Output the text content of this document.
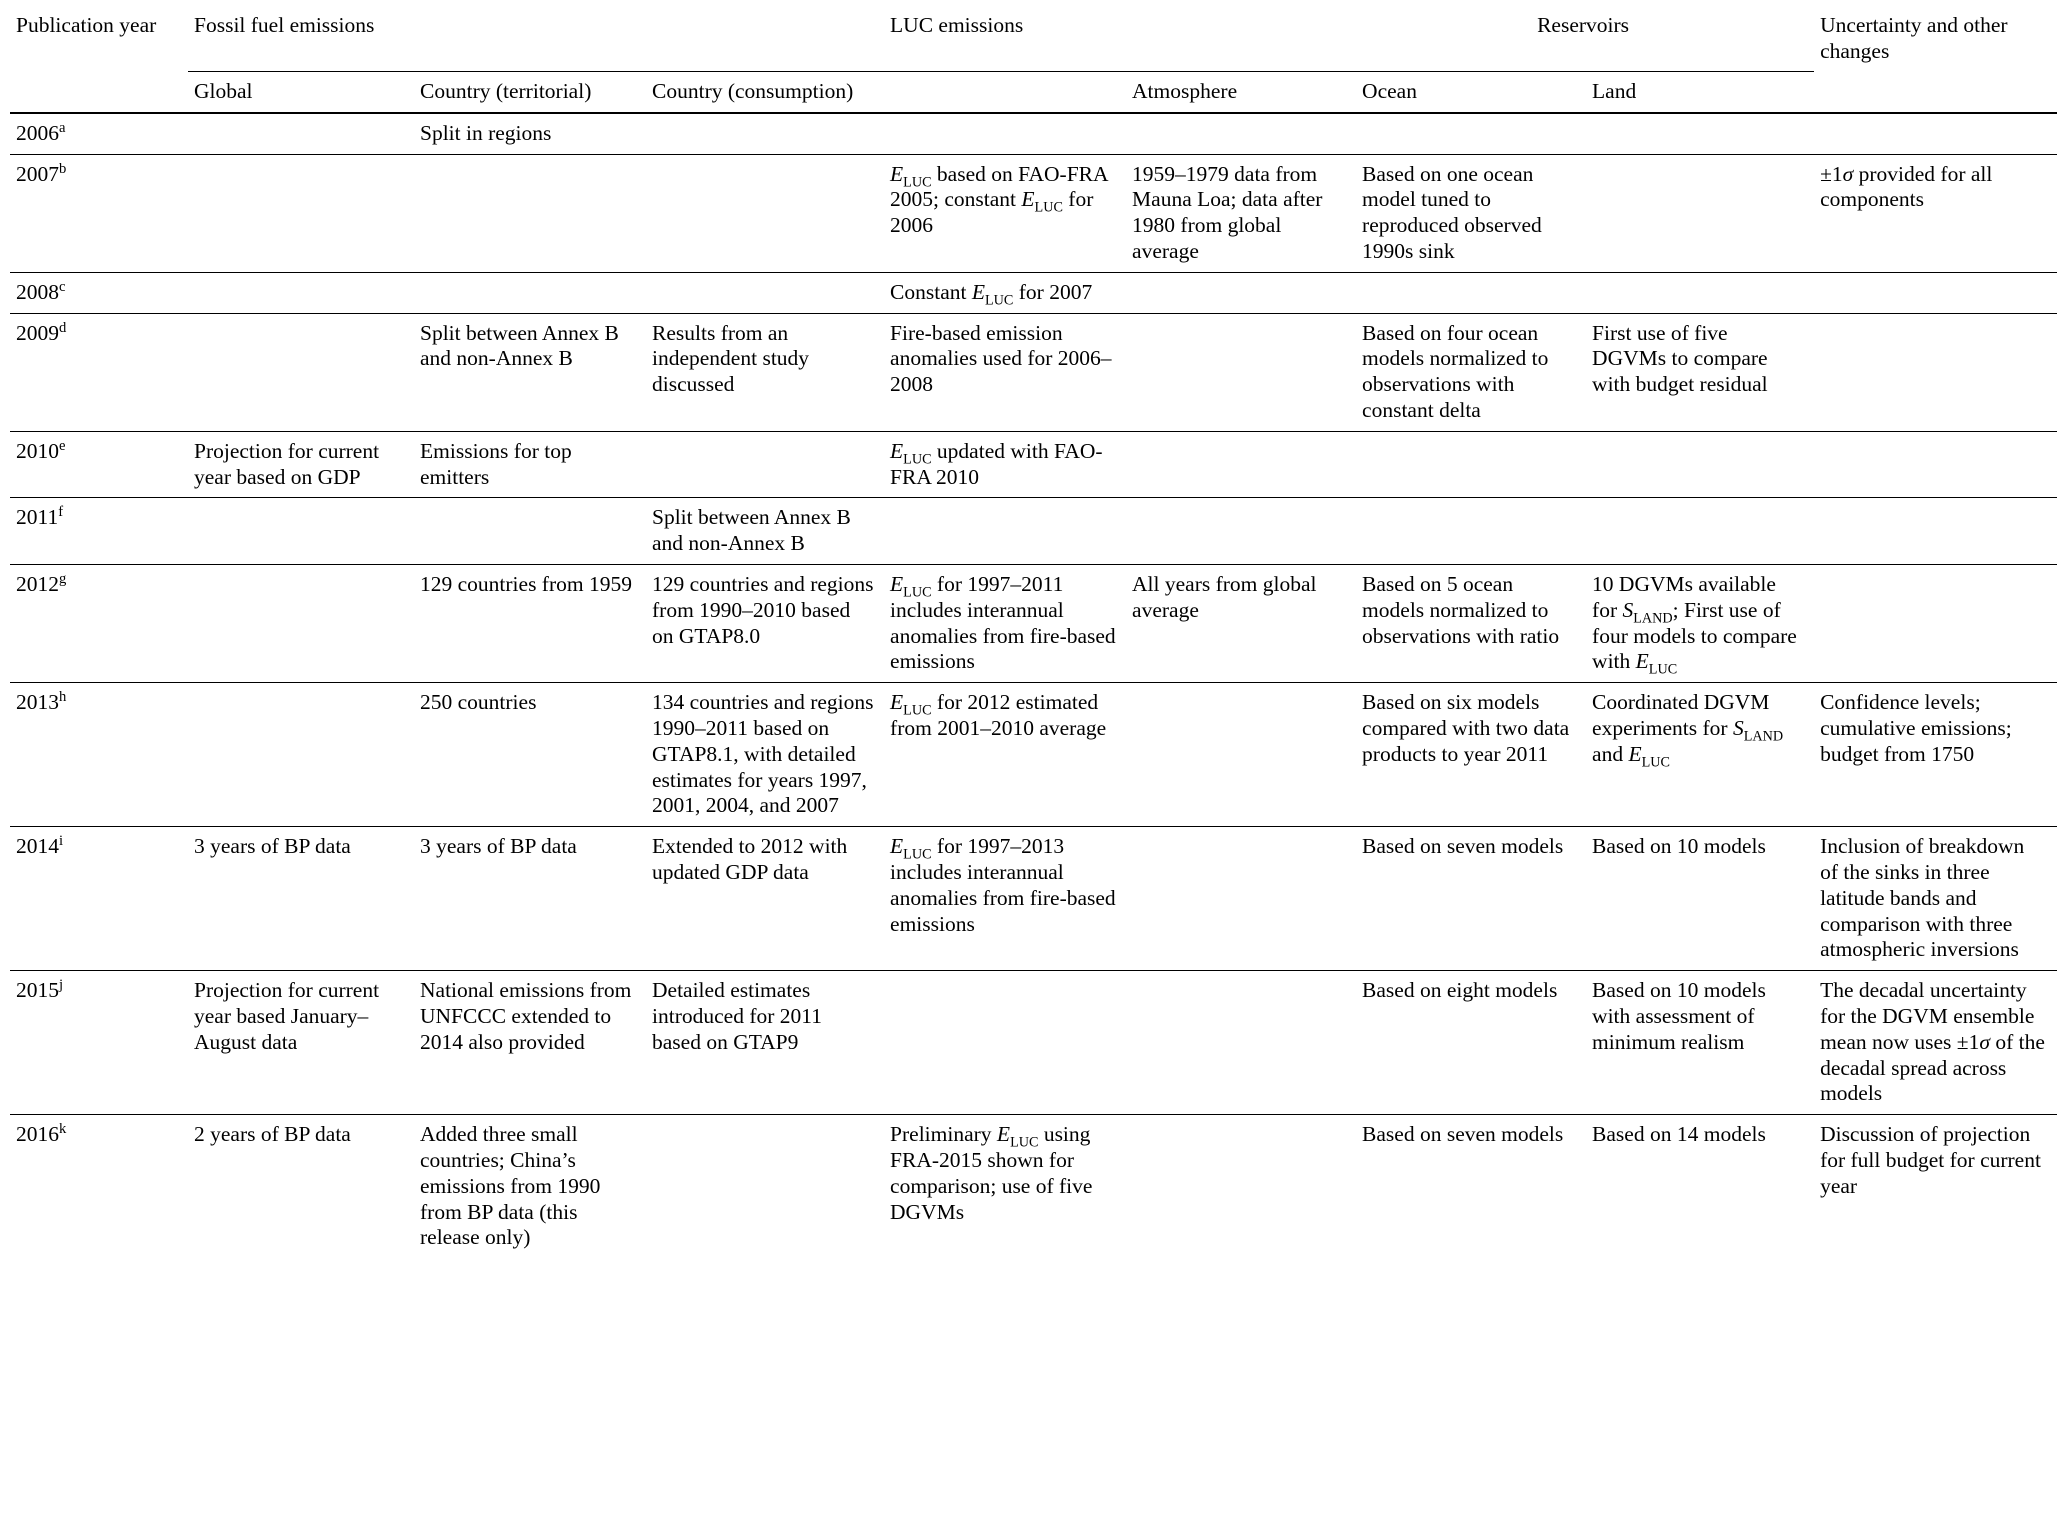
Publication year	Fossil fuel emissions			LUC emissions		Reservoirs		Uncertainty and other changes
	Global	Country (territorial)	Country (consumption)		Atmosphere	Ocean	Land	
2006$^a$		Split in regions						
2007$^b$				$E_{LUC}$ based on FAO-FRA 2005; constant $E_{LUC}$ for 2006	1959–1979 data from Mauna Loa; data after 1980 from global average	Based on one ocean model tuned to reproduced observed 1990s sink		±1σ provided for all components
2008$^c$				Constant $E_{LUC}$ for 2007				
2009$^d$		Split between Annex B and non-Annex B	Results from an independent study discussed	Fire-based emission anomalies used for 2006–2008		Based on four ocean models normalized to observations with constant delta	First use of five DGVMs to compare with budget residual	
2010e	Projection for current year based on GDP	Emissions for top emitters		$E_{LUC}$ updated with FAO-FRA 2010				
2011$^f$			Split between Annex B and non-Annex B					
2012$^g$		129 countries from 1959	129 countries and regions from 1990–2010 based on GTAP8.0	$E_{LUC}$ for 1997–2011 includes interannual anomalies from fire-based emissions	All years from global average	Based on 5 ocean models normalized to observations with ratio	10 DGVMs available for $S_{LAND}$; First use of four models to compare with $E_{LUC}$	
2013$^h$		250 countries	134 countries and regions 1990–2011 based on GTAP8.1, with detailed estimates for years 1997, 2001, 2004, and 2007	$E_{LUC}$ for 2012 estimated from 2001–2010 average		Based on six models compared with two data products to year 2011	Coordinated DGVM experiments for $S_{LAND}$ and $E_{LUC}$	Confidence levels; cumulative emissions; budget from 1750
2014$^i$	3 years of BP data	3 years of BP data	Extended to 2012 with updated GDP data	$E_{LUC}$ for 1997–2013 includes interannual anomalies from fire-based emissions		Based on seven models	Based on 10 models	Inclusion of breakdown of the sinks in three latitude bands and comparison with three atmospheric inversions
2015$^j$	Projection for current year based January–August data	National emissions from UNFCCC extended to 2014 also provided	Detailed estimates introduced for 2011 based on GTAP9			Based on eight models	Based on 10 models with assessment of minimum realism	The decadal uncertainty for the DGVM ensemble mean now uses ±1σ of the decadal spread across models
2016$^k$	2 years of BP data	Added three small countries; China’s emissions from 1990 from BP data (this release only)		Preliminary $E_{LUC}$ using FRA-2015 shown for comparison; use of five DGVMs		Based on seven models	Based on 14 models	Discussion of projection for full budget for current year
